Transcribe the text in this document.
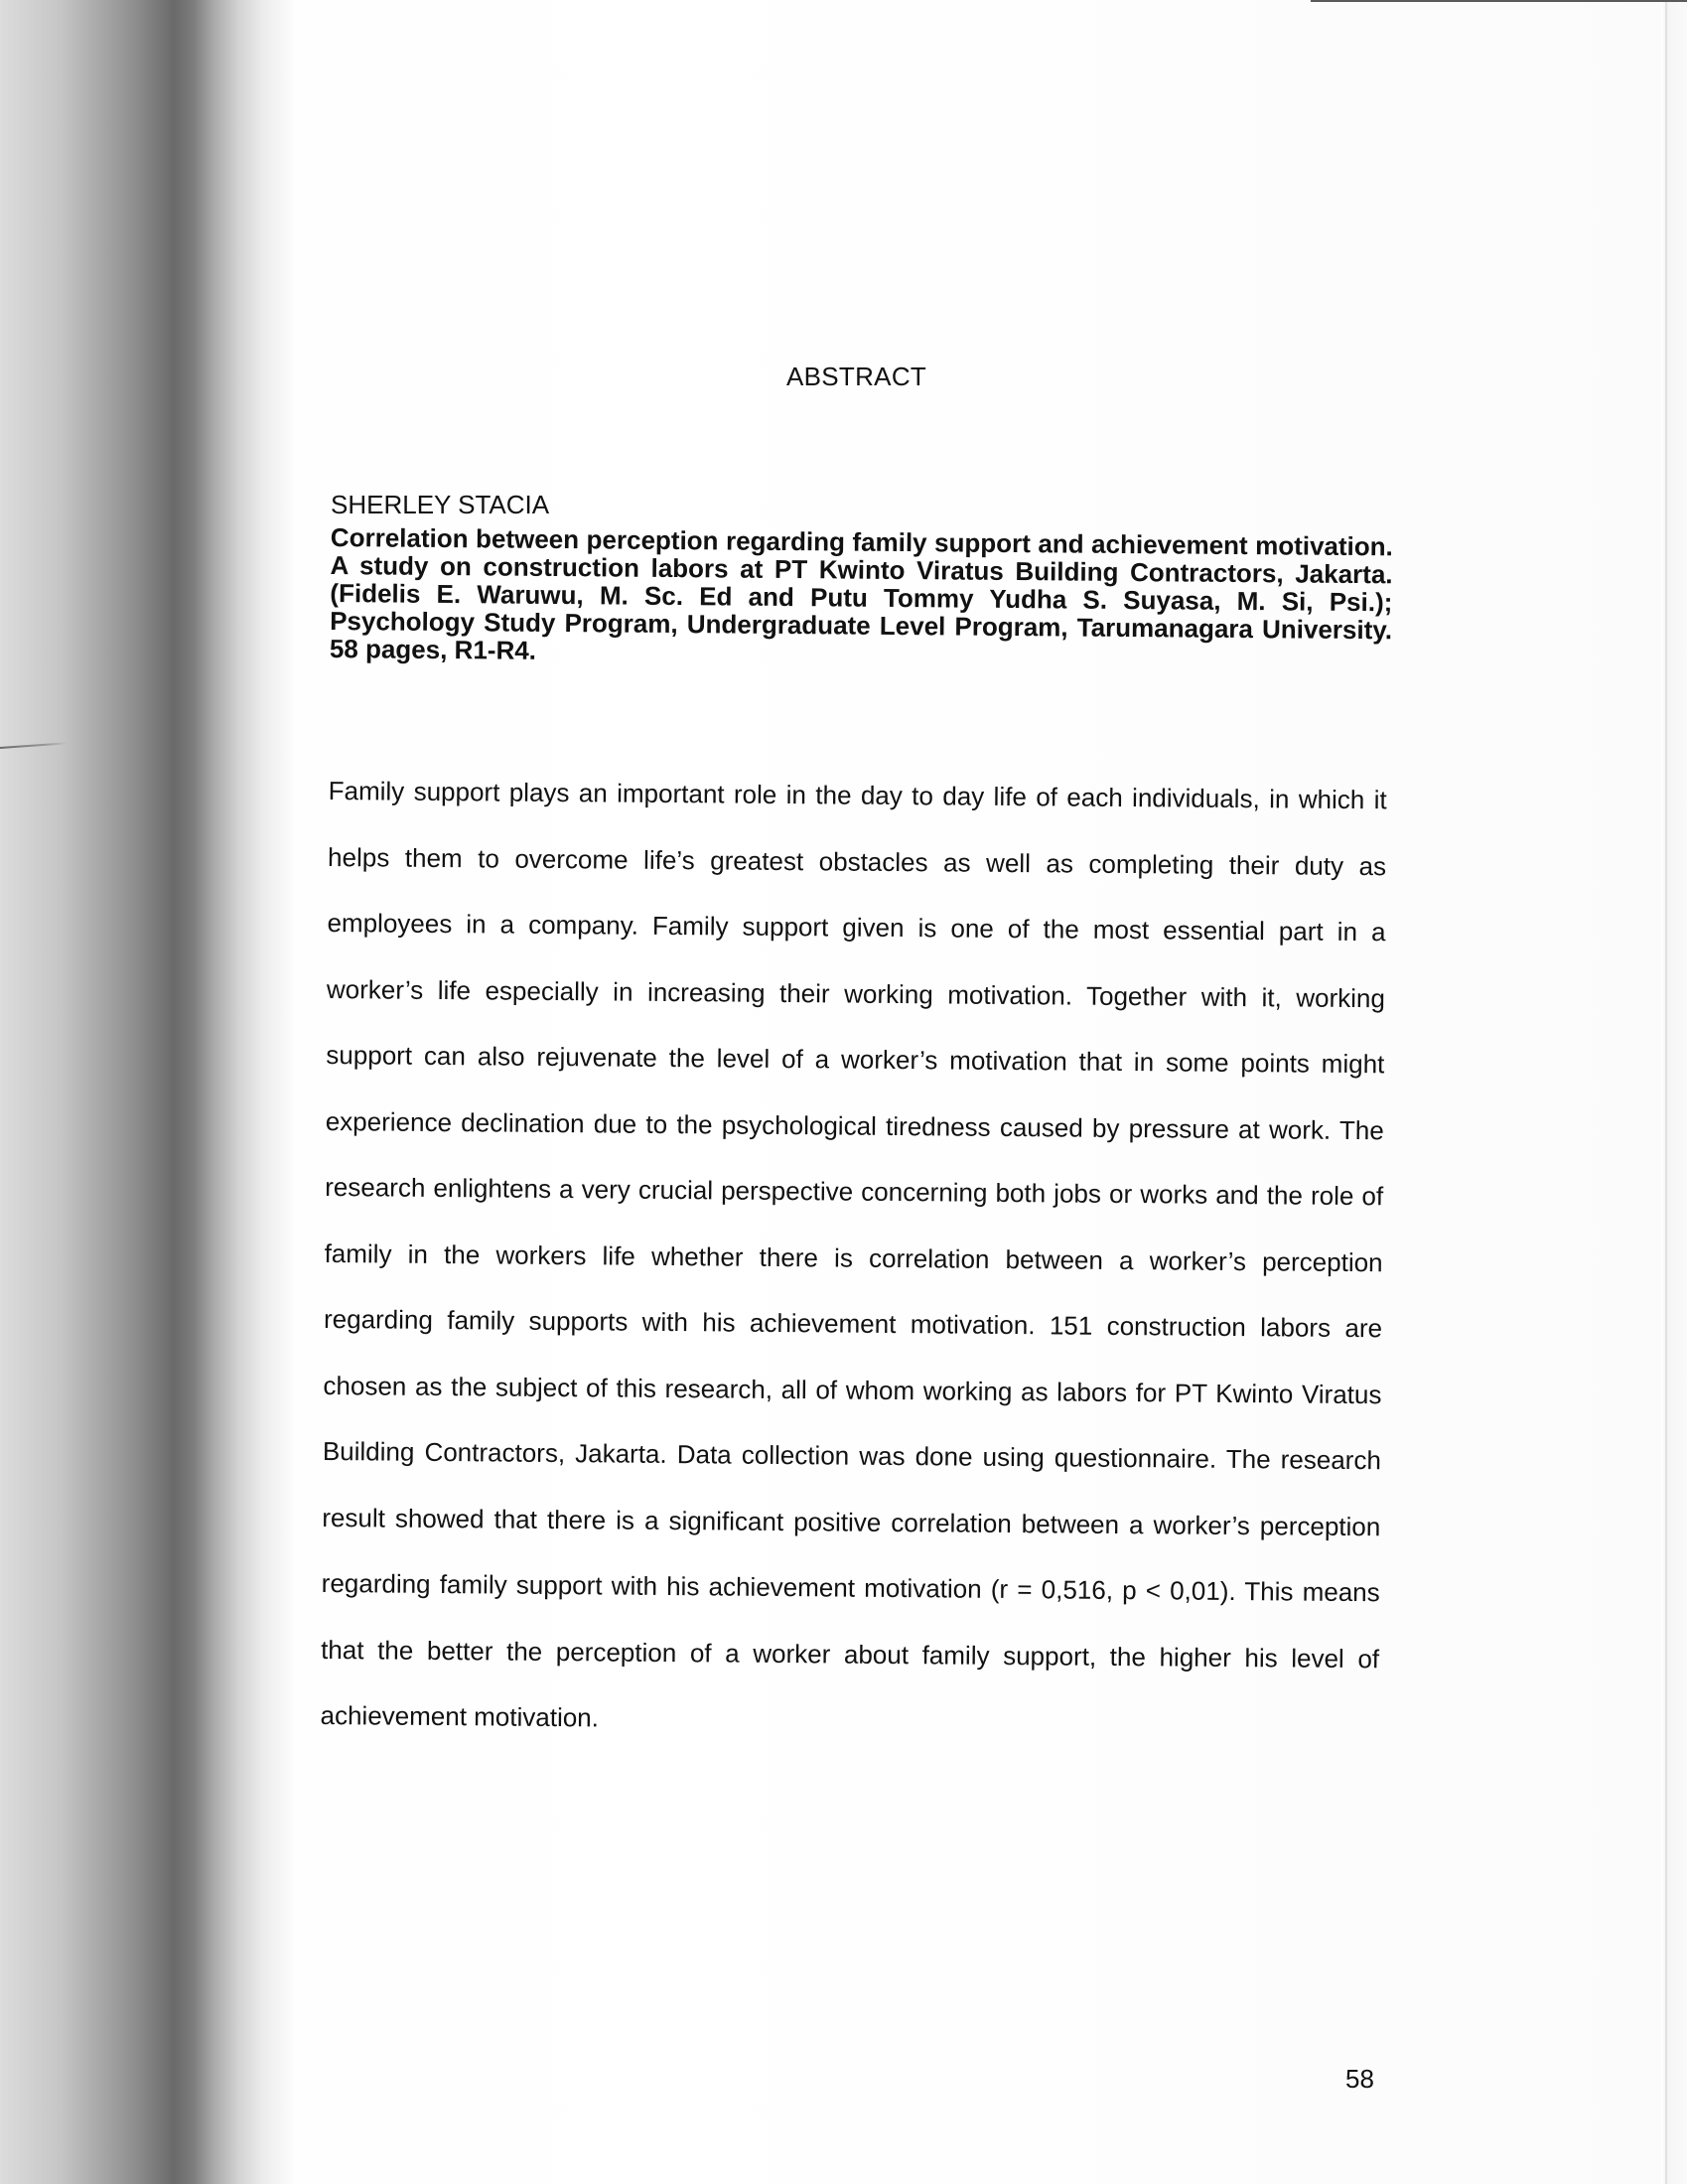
ABSTRACT

SHERLEY STACIA

Correlation between perception regarding family support and achievement motivation. A study on construction labors at PT Kwinto Viratus Building Contractors, Jakarta. (Fidelis E. Waruwu, M. Sc. Ed and Putu Tommy Yudha S. Suyasa, M. Si, Psi.); Psychology Study Program, Undergraduate Level Program, Tarumanagara University. 58 pages, R1-R4.

Family support plays an important role in the day to day life of each individuals, in which it helps them to overcome life’s greatest obstacles as well as completing their duty as employees in a company. Family support given is one of the most essential part in a worker’s life especially in increasing their working motivation. Together with it, working support can also rejuvenate the level of a worker’s motivation that in some points might experience declination due to the psychological tiredness caused by pressure at work. The research enlightens a very crucial perspective concerning both jobs or works and the role of family in the workers life whether there is correlation between a worker’s perception regarding family supports with his achievement motivation. 151 construction labors are chosen as the subject of this research, all of whom working as labors for PT Kwinto Viratus Building Contractors, Jakarta. Data collection was done using questionnaire. The research result showed that there is a significant positive correlation between a worker’s perception regarding family support with his achievement motivation (r = 0,516, p < 0,01). This means that the better the perception of a worker about family support, the higher his level of achievement motivation.

58
